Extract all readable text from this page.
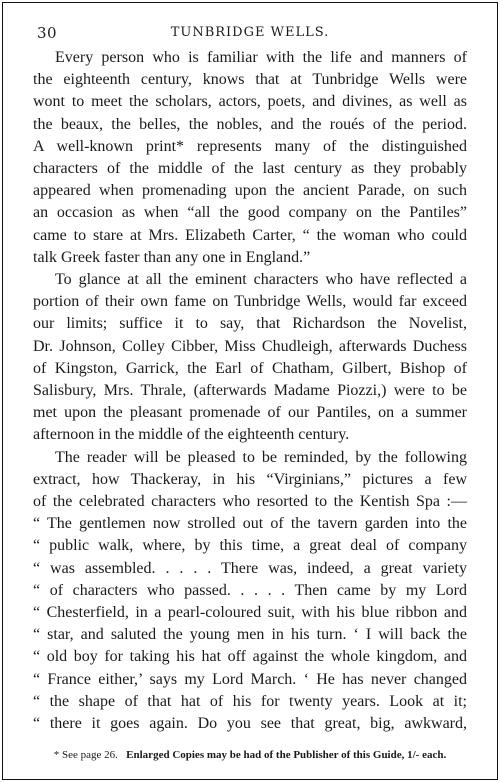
30	TUNBRIDGE WELLS.
Every person who is familiar with the life and manners of
the eighteenth century, knows that at Tunbridge Wells were
wont to meet the scholars, actors, poets, and divines, as well as
the beaux, the belles, the nobles, and the roués of the period.
A well-known print* represents many of the distinguished
characters of the middle of the last century as they probably
appeared when promenading upon the ancient Parade, on such
an occasion as when “all the good company on the Pantiles”
came to stare at Mrs. Elizabeth Carter, “ the woman who could
talk Greek faster than any one in England.”
To glance at all the eminent characters who have reflected a
portion of their own fame on Tunbridge Wells, would far exceed
our limits; suffice it to say, that Richardson the Novelist,
Dr. Johnson, Colley Cibber, Miss Chudleigh, afterwards Duchess
of Kingston, Garrick, the Earl of Chatham, Gilbert, Bishop of
Salisbury, Mrs. Thrale, (afterwards Madame Piozzi,) were to be
met upon the pleasant promenade of our Pantiles, on a summer
afternoon in the middle of the eighteenth century.
The reader will be pleased to be reminded, by the following
extract, how Thackeray, in his “Virginians,” pictures a few
of the celebrated characters who resorted to the Kentish Spa :—
“ The gentlemen now strolled out of the tavern garden into the
“ public walk, where, by this time, a great deal of company
“ was assembled. . . . . There was, indeed, a great variety
“ of characters who passed. . . . . Then came by my Lord
“ Chesterfield, in a pearl-coloured suit, with his blue ribbon and
“ star, and saluted the young men in his turn. ‘ I will back the
“ old boy for taking his hat off against the whole kingdom, and
“ France either,’ says my Lord March. ‘ He has never changed
“ the shape of that hat of his for twenty years. Look at it;
“ there it goes again. Do you see that great, big, awkward,
* See page 26. Enlarged Copies may be had of the Publisher of this Guide, 1/- each.
